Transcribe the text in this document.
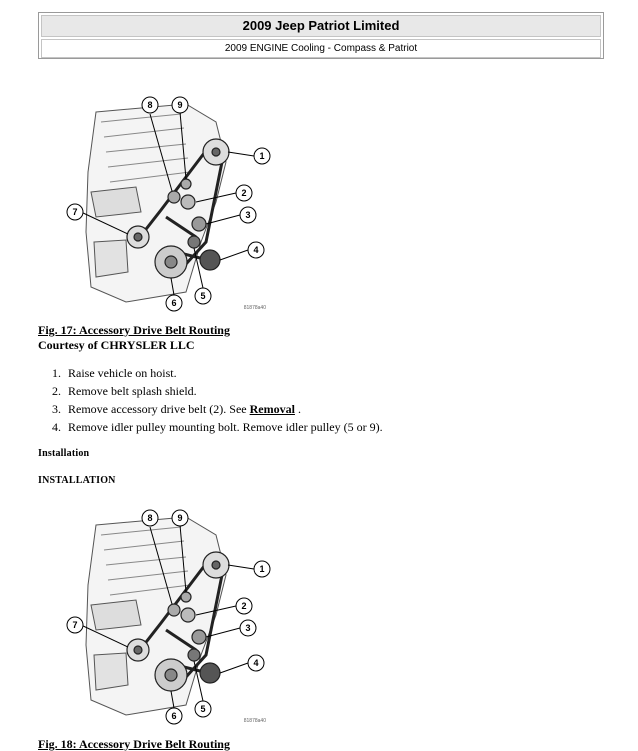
2009 Jeep Patriot Limited
2009 ENGINE Cooling - Compass & Patriot
1
2
3
4
5
6
7
8	9
81878a40
Fig. 17: Accessory Drive Belt Routing
Courtesy of CHRYSLER LLC
1. Raise vehicle on hoist.
2. Remove belt splash shield.
3. Remove accessory drive belt (2). See Removal .
4. Remove idler pulley mounting bolt. Remove idler pulley (5 or 9).
Installation
INSTALLATION
1
2
3
4
5
6
7
8	9
81878a40
Fig. 18: Accessory Drive Belt Routing
